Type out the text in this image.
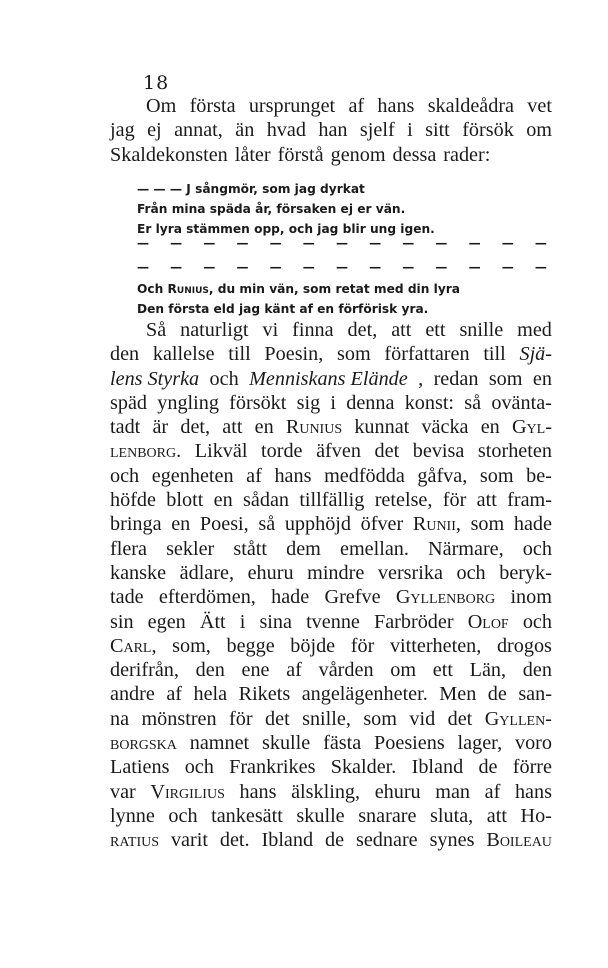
18
Om första ursprunget af hans skaldeådra vet
jag ej annat, än hvad han sjelf i sitt försök om
Skaldekonsten låter förstå genom dessa rader:
— — — J sångmör, som jag dyrkat
Från mina späda år, försaken ej er vän.
Er lyra stämmen opp, och jag blir ung igen.
— — — — — — — — — — — — —
— — — — — — — — — — — — —
Och Runius, du min vän, som retat med din lyra
Den första eld jag känt af en förförisk yra.
Så naturligt vi finna det, att ett snille med
den kallelse till Poesin, som författaren till Sjä-
lens Styrka och Menniskans Elände , redan som en
späd yngling försökt sig i denna konst: så oväntа-
tadt är det, att en Runius kunnat väcka en Gyl-
lenborg. Likväl torde äfven det bevisa storheten
och egenheten af hans medfödda gåfva, som be-
höfde blott en sådan tillfällig retelse, för att fram-
bringa en Poesi, så upphöjd öfver Runii, som hade
flera sekler stått dem emellan. Närmare, och
kanske ädlare, ehuru mindre versrika och beryk-
tade efterdömen, hade Grefve Gyllenborg inom
sin egen Ätt i sina tvenne Farbröder Olof och
Carl, som, begge böjde för vitterheten, drogos
derifrån, den ene af vården om ett Län, den
andre af hela Rikets angelägenheter. Men de san-
na mönstren för det snille, som vid det Gyllen-
borgska namnet skulle fästa Poesiens lager, voro
Latiens och Frankrikes Skalder. Ibland de förre
var Virgilius hans älskling, ehuru man af hans
lynne och tankesätt skulle snarare sluta, att Ho-
ratius varit det. Ibland de sednare synes Boileau
